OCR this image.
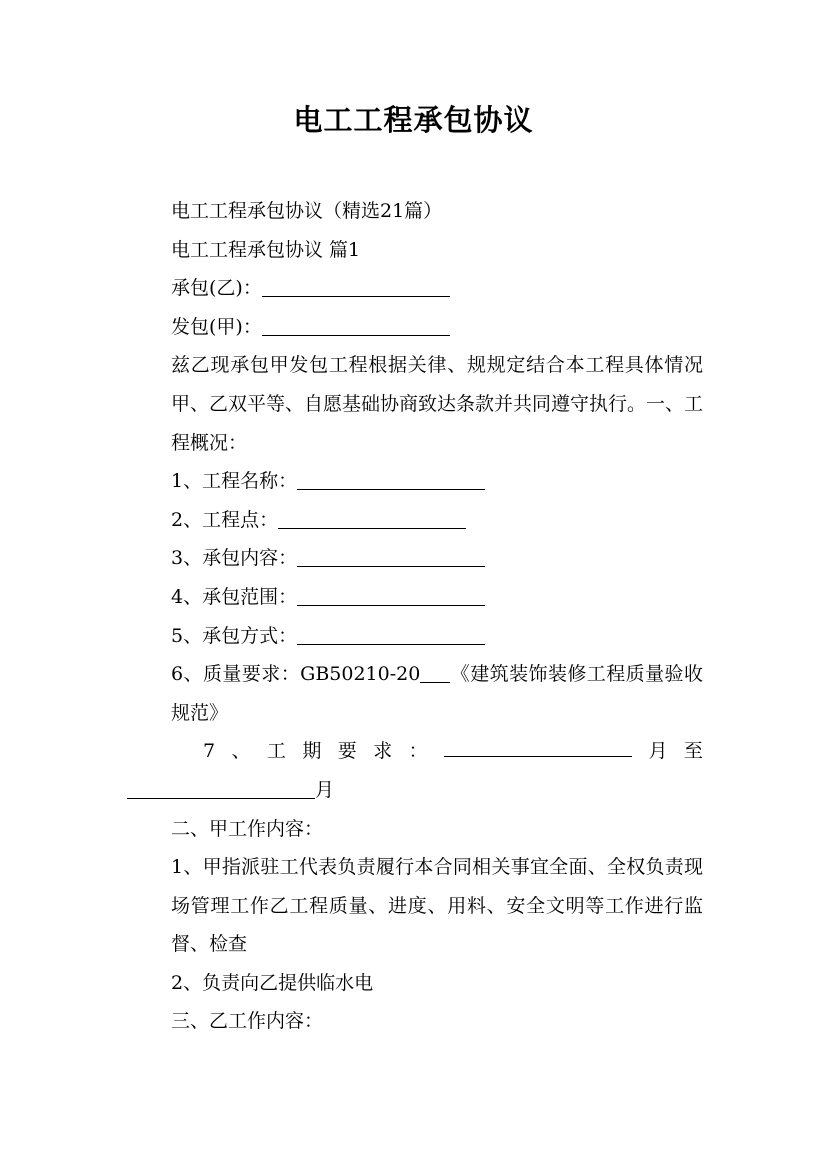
电工工程承包协议

电工工程承包协议（精选21篇）

电工工程承包协议 篇1

承包(乙)：

发包(甲)：

兹乙现承包甲发包工程根据关律、规规定结合本工程具体情况甲、乙双平等、自愿基础协商致达条款并共同遵守执行。一、工程概况：

1、工程名称：

2、工程点：

3、承包内容：

4、承包范围：

5、承包方式：

6、质量要求：GB50210-20 《建筑装饰装修工程质量验收规范》

7 、 工 期 要 求 ：	月 至

月

二、甲工作内容：

1、甲指派驻工代表负责履行本合同相关事宜全面、全权负责现场管理工作乙工程质量、进度、用料、安全文明等工作进行监督、检查

2、负责向乙提供临水电

三、乙工作内容：
